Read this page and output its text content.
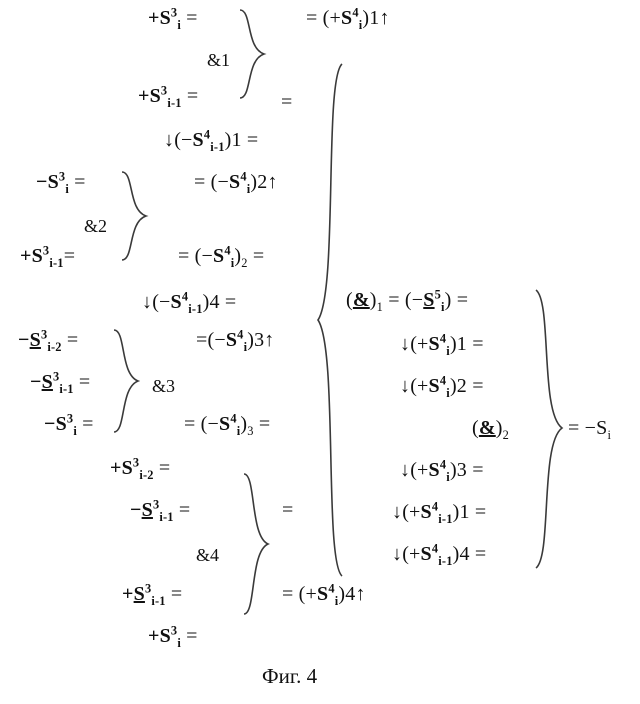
$+S^3_i$ =	= $(+S^4_i)1↑$
&1
$+S^3_{i-1}$ =	=
$↓(-S^4_{i-1})1$ =
$-S^3_i$ =	= $(-S^4_i)2↑$
&2
$+S^3_{i-1}=$	= $(-S^4_i)_2$ =
$↓(-S^4_{i-1})4$ =
$-S^3_{i-2}$ =	$=(-S^4_i)3↑$
$-S^3_{i-1}$ =	&3
$-S^3_i$ =	= $(-S^4_i)_3$ =
$+S^3_{i-2}$ =
$-S^3_{i-1}$ =	=
&4
$+S^3_{i-1}$ =	= $(+S^4_i)4↑$
$+S^3_i$ =
$(\&)_1 = (-S^5_i)$ =
$↓(+S^4_i)1$ =
$↓(+S^4_i)2$ =
$(\&)_2$
$↓(+S^4_i)3$ =
$↓(+S^4_{i-1})1$ =
$↓(+S^4_{i-1})4$ =
= $-S_i$
Фиг. 4
